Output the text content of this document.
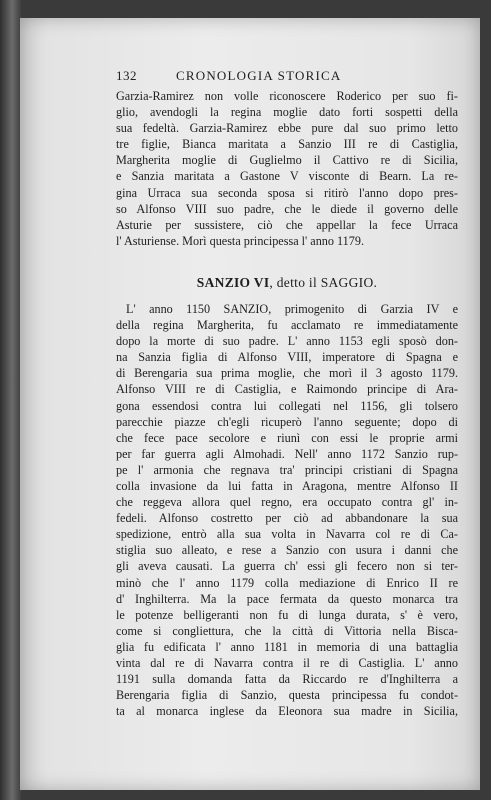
132	CRONOLOGIA STORICA
Garzia-Ramirez non volle riconoscere Roderico per suo fi-
glio, avendogli la regina moglie dato forti sospetti della
sua fedeltà. Garzia-Ramirez ebbe pure dal suo primo letto
tre figlie, Bianca maritata a Sanzio III re di Castiglia,
Margherita moglie di Guglielmo il Cattivo re di Sicilia,
e Sanzia maritata a Gastone V visconte di Bearn. La re-
gina Urraca sua seconda sposa si ritirò l'anno dopo pres-
so Alfonso VIII suo padre, che le diede il governo delle
Asturie per sussistere, ciò che appellar la fece Urraca
l' Asturiense. Morì questa principessa l' anno 1179.
SANZIO VI, detto il SAGGIO.
L' anno 1150 SANZIO, primogenito di Garzia IV e
della regina Margherita, fu acclamato re immediatamente
dopo la morte di suo padre. L' anno 1153 egli sposò don-
na Sanzia figlia di Alfonso VIII, imperatore di Spagna e
di Berengaria sua prima moglie, che morì il 3 agosto 1179.
Alfonso VIII re di Castiglia, e Raimondo principe di Ara-
gona essendosi contra lui collegati nel 1156, gli tolsero
parecchie piazze ch'egli ricuperò l'anno seguente; dopo di
che fece pace secolore e riunì con essi le proprie armi
per far guerra agli Almohadi. Nell' anno 1172 Sanzio rup-
pe l' armonia che regnava tra' principi cristiani di Spagna
colla invasione da lui fatta in Aragona, mentre Alfonso II
che reggeva allora quel regno, era occupato contra gl' in-
fedeli. Alfonso costretto per ciò ad abbandonare la sua
spedizione, entrò alla sua volta in Navarra col re di Ca-
stiglia suo alleato, e rese a Sanzio con usura i danni che
gli aveva causati. La guerra ch' essi gli fecero non si ter-
minò che l' anno 1179 colla mediazione di Enrico II re
d' Inghilterra. Ma la pace fermata da questo monarca tra
le potenze belligeranti non fu di lunga durata, s' è vero,
come si congliettura, che la città di Vittoria nella Bisca-
glia fu edificata l' anno 1181 in memoria di una battaglia
vinta dal re di Navarra contra il re di Castiglia. L' anno
1191 sulla domanda fatta da Riccardo re d'Inghilterra a
Berengaria figlia di Sanzio, questa principessa fu condot-
ta al monarca inglese da Eleonora sua madre in Sicilia,
